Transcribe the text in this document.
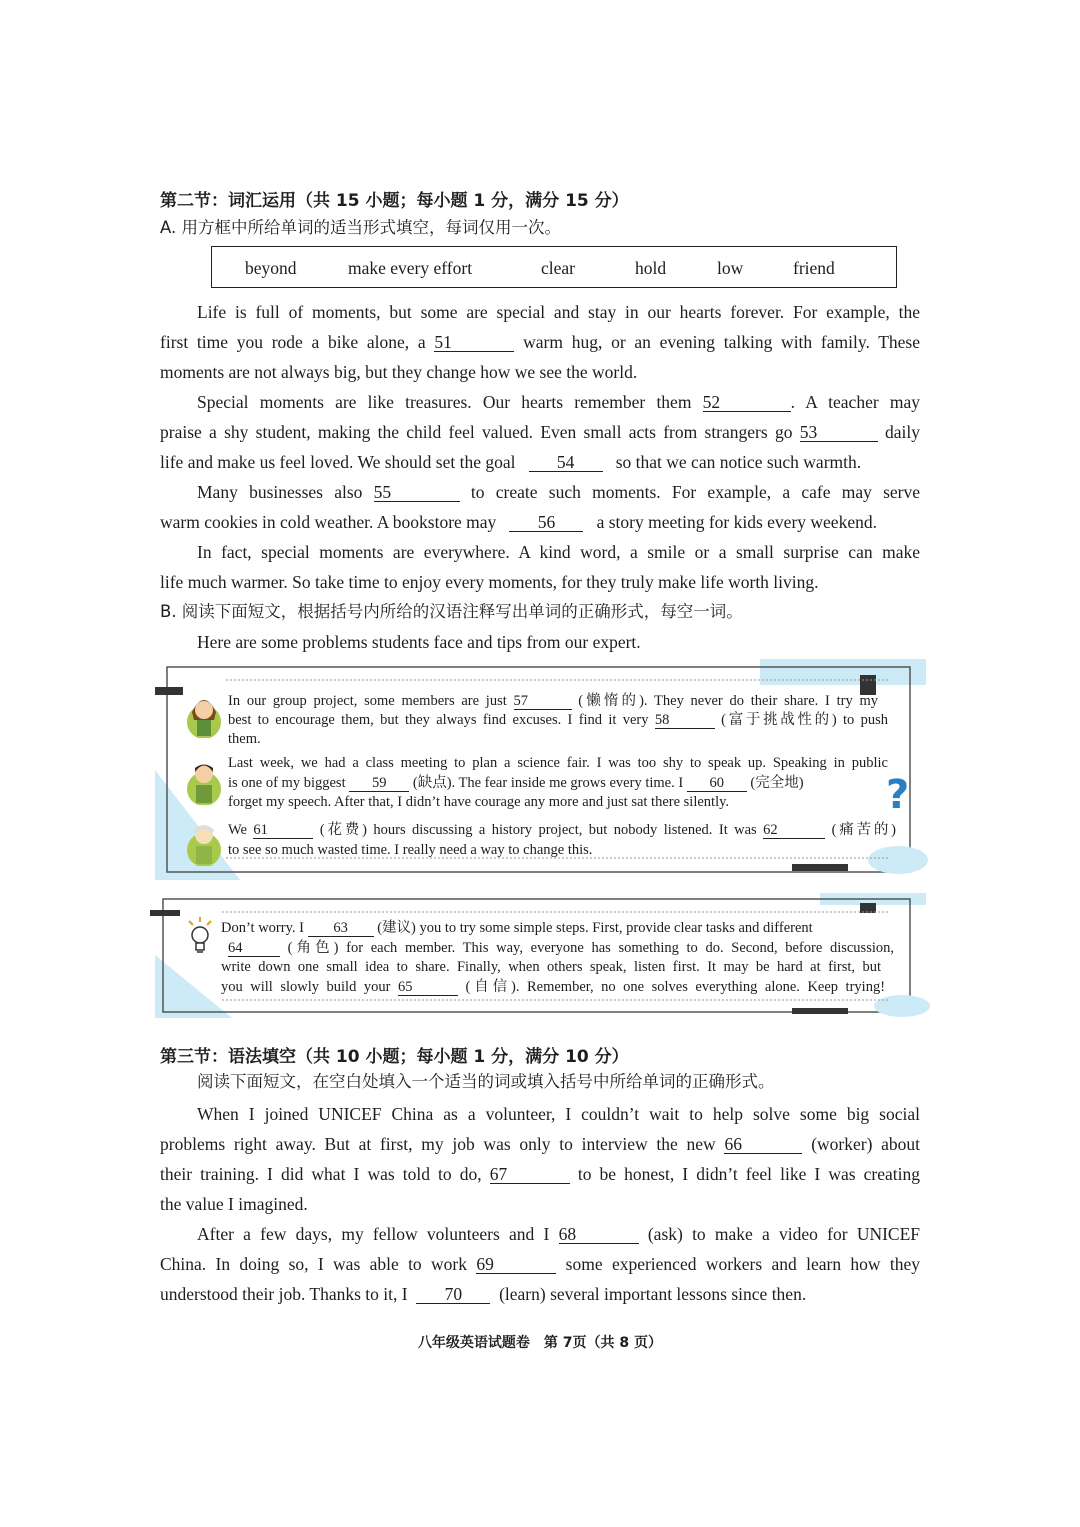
第二节：词汇运用（共 15 小题；每小题 1 分，满分 15 分）
A. 用方框中所给单词的适当形式填空，每词仅用一次。
beyond	make every effort	clear	hold	low	friend
Life is full of moments, but some are special and stay in our hearts forever. For example, the
first time you rode a bike alone, a 51	warm hug, or an evening talking with family. These
moments are not always big, but they change how we see the world.
Special moments are like treasures. Our hearts remember them 52	. A teacher may
praise a shy student, making the child feel valued. Even small acts from strangers go 53	daily
life and make us feel loved. We should set the goal 54 so that we can notice such warmth.
Many businesses also 55	to create such moments. For example, a cafe may serve
warm cookies in cold weather. A bookstore may 56 a story meeting for kids every weekend.
In fact, special moments are everywhere. A kind word, a smile or a small surprise can make
life much warmer. So take time to enjoy every moments, for they truly make life worth living.
B. 阅读下面短文，根据括号内所给的汉语注释写出单词的正确形式，每空一词。
Here are some problems students face and tips from our expert.
?
In our group project, some members are just 57	(懒惰的). They never do their share. I try my
best to encourage them, but they always find excuses. I find it very 58	(富于挑战性的) to push
them.
Last week, we had a class meeting to plan a science fair. I was too shy to speak up. Speaking in public
is one of my biggest 59 (缺点). The fear inside me grows every time. I 60 (完全地)
forget my speech. After that, I didn’t have courage any more and just sat there silently.
We 61	(花费) hours discussing a history project, but nobody listened. It was 62	(痛苦的)
to see so much wasted time. I really need a way to change this.
Don’t worry. I 63 (建议) you to try some simple steps. First, provide clear tasks and different
64	(角色) for each member. This way, everyone has something to do. Second, before discussion,
write down one small idea to share. Finally, when others speak, listen first. It may be hard at first, but
you will slowly build your 65	(自信). Remember, no one solves everything alone. Keep trying!
第三节：语法填空（共 10 小题；每小题 1 分，满分 10 分）
阅读下面短文，在空白处填入一个适当的词或填入括号中所给单词的正确形式。
When I joined UNICEF China as a volunteer, I couldn’t wait to help solve some big social
problems right away. But at first, my job was only to interview the new 66	(worker) about
their training. I did what I was told to do, 67	to be honest, I didn’t feel like I was creating
the value I imagined.
After a few days, my fellow volunteers and I 68	(ask) to make a video for UNICEF
China. In doing so, I was able to work 69	some experienced workers and learn how they
understood their job. Thanks to it, I 70 (learn) several important lessons since then.
八年级英语试题卷　第 7页（共 8 页）
